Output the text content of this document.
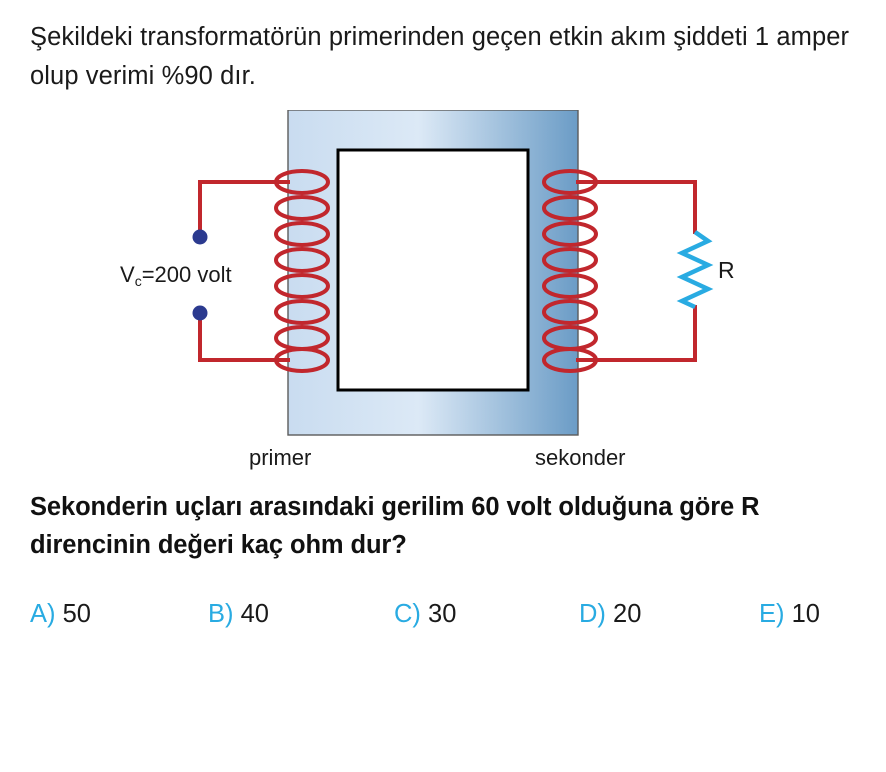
Şekildeki transformatörün primerinden geçen etkin akım şiddeti 1 amper olup verimi %90 dır.
$V_c=200$ volt	R
primer	sekonder
Sekonderin uçları arasındaki gerilim 60 volt olduğuna göre R direncinin değeri kaç ohm dur?
A) 50	B) 40	C) 30	D) 20	E) 10
